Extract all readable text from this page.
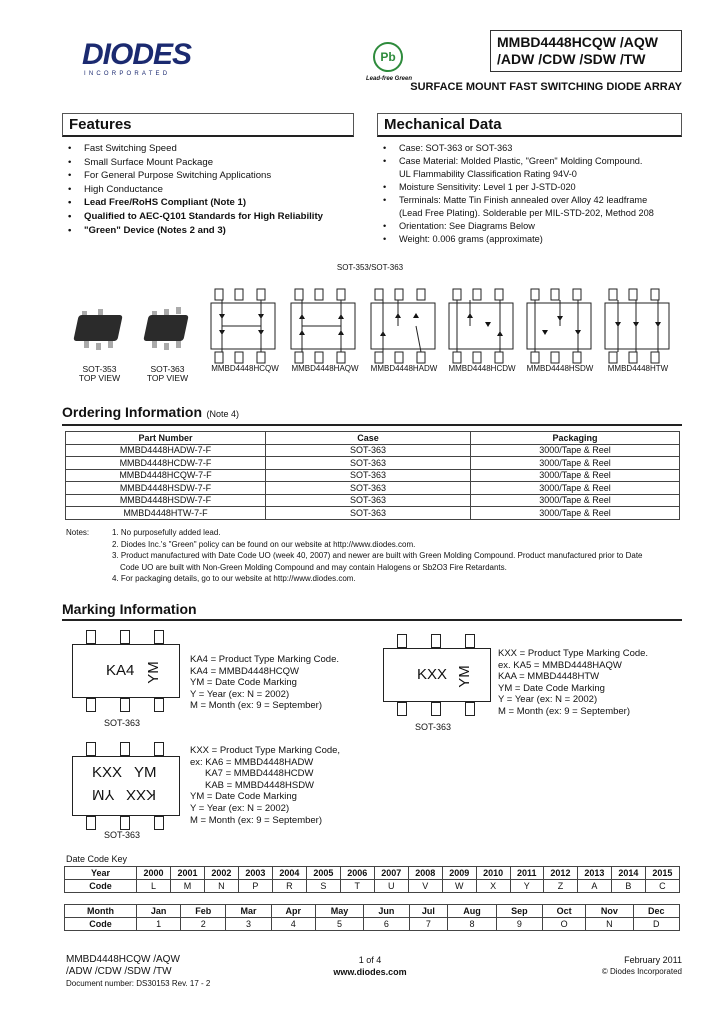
DIODES
INCORPORATED
Pb
Lead-free Green
MMBD4448HCQW /AQW
/ADW /CDW /SDW /TW
SURFACE MOUNT FAST SWITCHING DIODE ARRAY
Features
• Fast Switching Speed
• Small Surface Mount Package
• For General Purpose Switching Applications
• High Conductance
• Lead Free/RoHS Compliant (Note 1)
• Qualified to AEC-Q101 Standards for High Reliability
• "Green" Device (Notes 2 and 3)
Mechanical Data
• Case: SOT-363 or SOT-363
• Case Material: Molded Plastic, "Green" Molding Compound.
UL Flammability Classification Rating 94V-0
• Moisture Sensitivity: Level 1 per J-STD-020
• Terminals: Matte Tin Finish annealed over Alloy 42 leadframe
(Lead Free Plating). Solderable per MIL-STD-202, Method 208
• Orientation: See Diagrams Below
• Weight: 0.006 grams (approximate)
SOT-353/SOT-363
SOT-353
TOP VIEW
SOT-363
TOP VIEW
MMBD4448HCQW	MMBD4448HAQW	MMBD4448HADW	MMBD4448HCDW	MMBD4448HSDW	MMBD4448HTW
Ordering Information (Note 4)
Part Number	Case	Packaging
MMBD4448HADW-7-F	SOT-363	3000/Tape & Reel
MMBD4448HCDW-7-F	SOT-363	3000/Tape & Reel
MMBD4448HCQW-7-F	SOT-363	3000/Tape & Reel
MMBD4448HSDW-7-F	SOT-363	3000/Tape & Reel
MMBD4448HSDW-7-F	SOT-363	3000/Tape & Reel
MMBD4448HTW-7-F	SOT-363	3000/Tape & Reel
Notes:	1. No purposefully added lead.
2. Diodes Inc.'s "Green" policy can be found on our website at http://www.diodes.com.
3. Product manufactured with Date Code UO (week 40, 2007) and newer are built with Green Molding Compound. Product manufactured prior to Date
Code UO are built with Non-Green Molding Compound and may contain Halogens or Sb2O3 Fire Retardants.
4. For packaging details, go to our website at http://www.diodes.com.
Marking Information
KA4 YM
SOT-363
KA4 = Product Type Marking Code.
KA4 = MMBD4448HCQW
YM = Date Code Marking
Y = Year (ex: N = 2002)
M = Month (ex: 9 = September)
KXX YM
SOT-363
KXX = Product Type Marking Code.
ex. KA5 = MMBD4448HAQW
KAA = MMBD4448HTW
YM = Date Code Marking
Y = Year (ex: N = 2002)
M = Month (ex: 9 = September)
KXX YM
YM KXX
SOT-363
KXX = Product Type Marking Code,
ex: KA6 = MMBD4448HADW
KA7 = MMBD4448HCDW
KAB = MMBD4448HSDW
YM = Date Code Marking
Y = Year (ex: N = 2002)
M = Month (ex: 9 = September)
Date Code Key
Year	2000	2001	2002	2003	2004	2005	2006	2007	2008	2009	2010	2011	2012	2013	2014	2015
Code	L	M	N	P	R	S	T	U	V	W	X	Y	Z	A	B	C
Month	Jan	Feb	Mar	Apr	May	Jun	Jul	Aug	Sep	Oct	Nov	Dec
Code	1	2	3	4	5	6	7	8	9	O	N	D
MMBD4448HCQW /AQW
/ADW /CDW /SDW /TW
Document number: DS30153 Rev. 17 - 2
1 of 4
www.diodes.com
February 2011
© Diodes Incorporated
